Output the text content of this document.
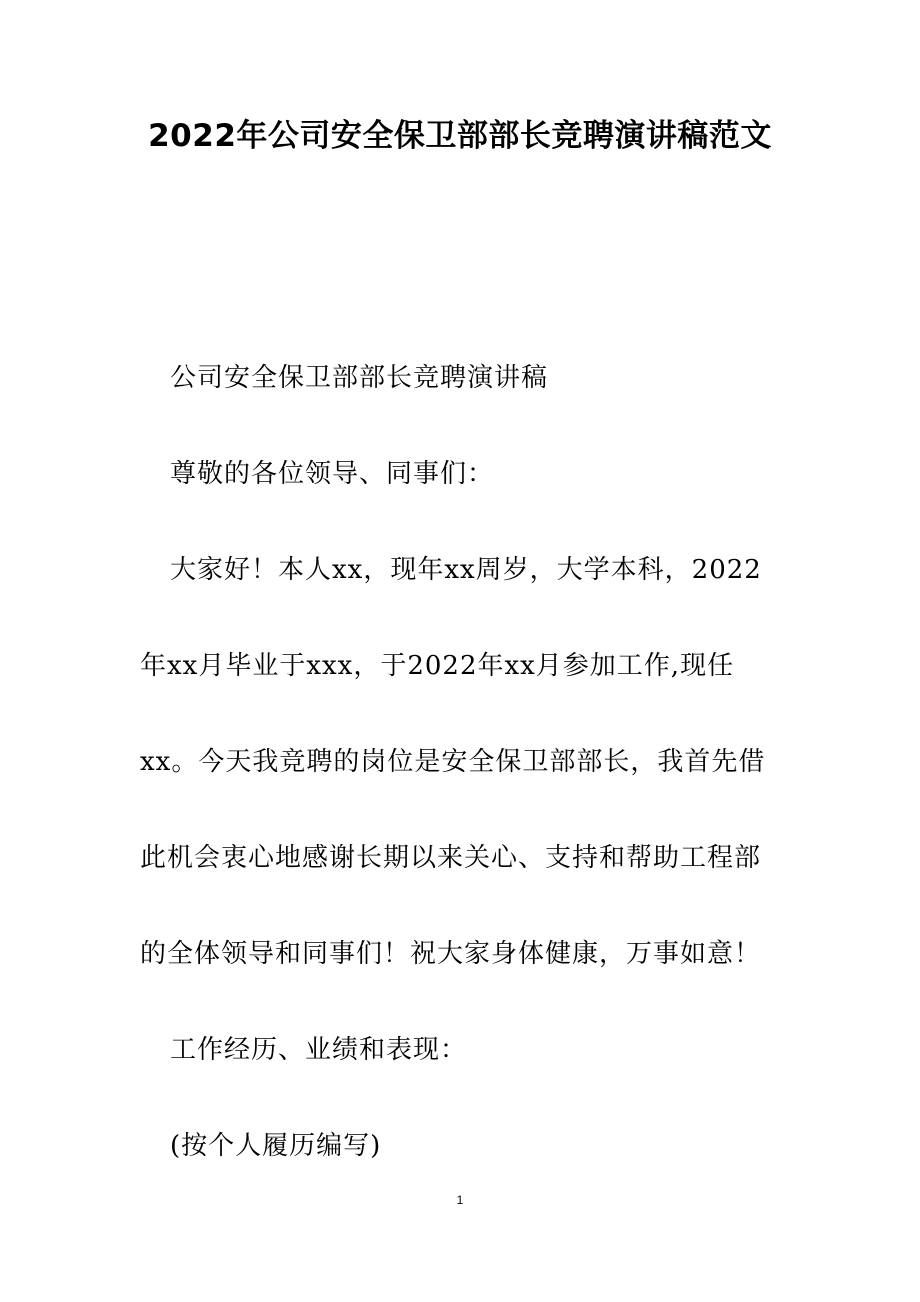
2022年公司安全保卫部部长竞聘演讲稿范文

公司安全保卫部部长竞聘演讲稿

尊敬的各位领导、同事们：

大家好！本人xx，现年xx周岁，大学本科，2022年xx月毕业于xxx，于2022年xx月参加工作,现任xx。今天我竞聘的岗位是安全保卫部部长，我首先借此机会衷心地感谢长期以来关心、支持和帮助工程部的全体领导和同事们！祝大家身体健康，万事如意！

工作经历、业绩和表现：

(按个人履历编写)

1
